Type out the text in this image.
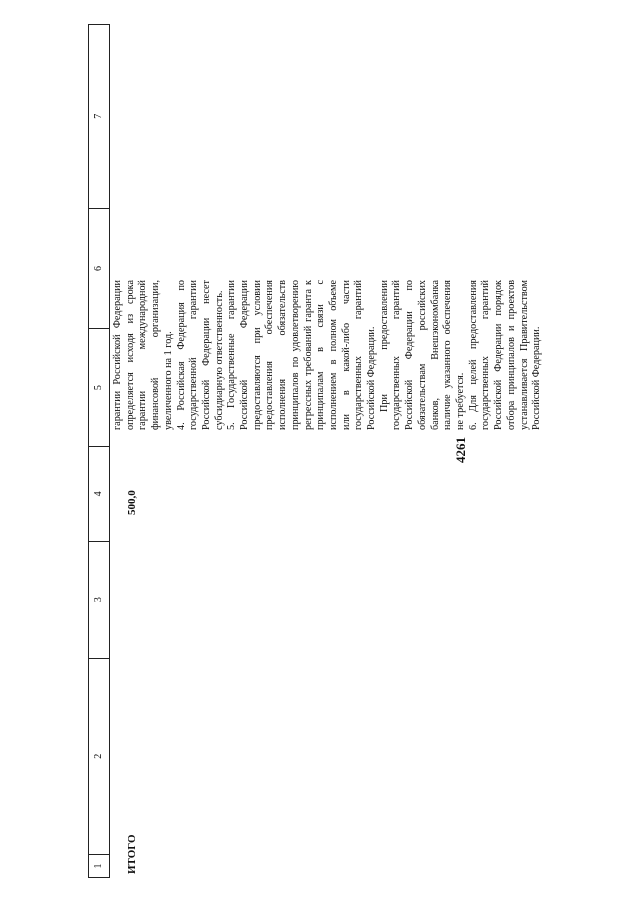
4261
1
2
3
4
5
6
7

гарантии Российской Федерации определяется исходя из срока гарантии международной финансовой организации, увеличенного на 1 год. 4. Российская Федерация по государственной гарантии Российской Федерации несет субсидиарную ответственность. 5. Государственные гарантии Российской Федерации предоставляются при условии предоставления обеспечения исполнения обязательств принципалов по удовлетворению регрессных требований гаранта к принципалам в связи с исполнением в полном объеме или в какой-либо части государственных гарантий Российской Федерации. При предоставлении государственных гарантий Российской Федерации по обязательствам российских банков, Внешэкономбанка наличие указанного обеспечения не требуется. 6. Для целей предоставления государственных гарантий Российской Федерации порядок отбора принципалов и проектов устанавливается Правительством Российской Федерации.

ИТОГО
500,0
